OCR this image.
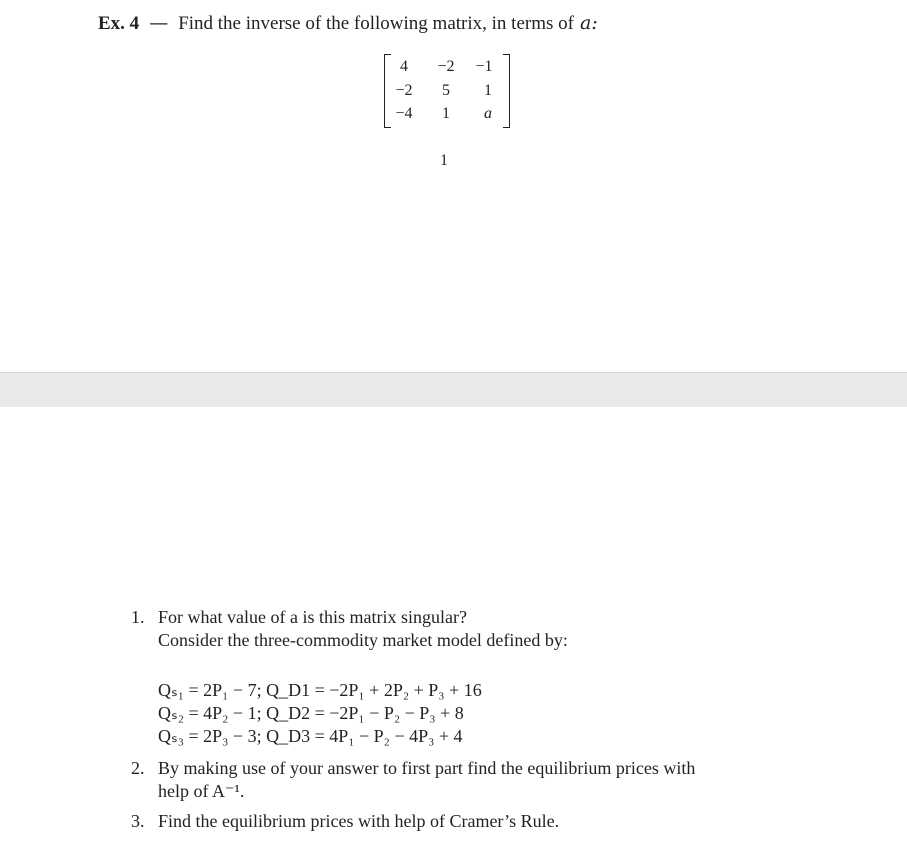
Ex. 4 — Find the inverse of the following matrix, in terms of a:
4	−2	−1
−2	5	1
−4	1	a
1
1. For what value of a is this matrix singular?
Consider the three-commodity market model defined by:
Qₛ₁ = 2P₁ − 7; Q_D1 = −2P₁ + 2P₂ + P₃ + 16
Qₛ₂ = 4P₂ − 1; Q_D2 = −2P₁ − P₂ − P₃ + 8
Qₛ₃ = 2P₃ − 3; Q_D3 = 4P₁ − P₂ − 4P₃ + 4
2. By making use of your answer to first part find the equilibrium prices with
help of A⁻¹.
3. Find the equilibrium prices with help of Cramer’s Rule.
